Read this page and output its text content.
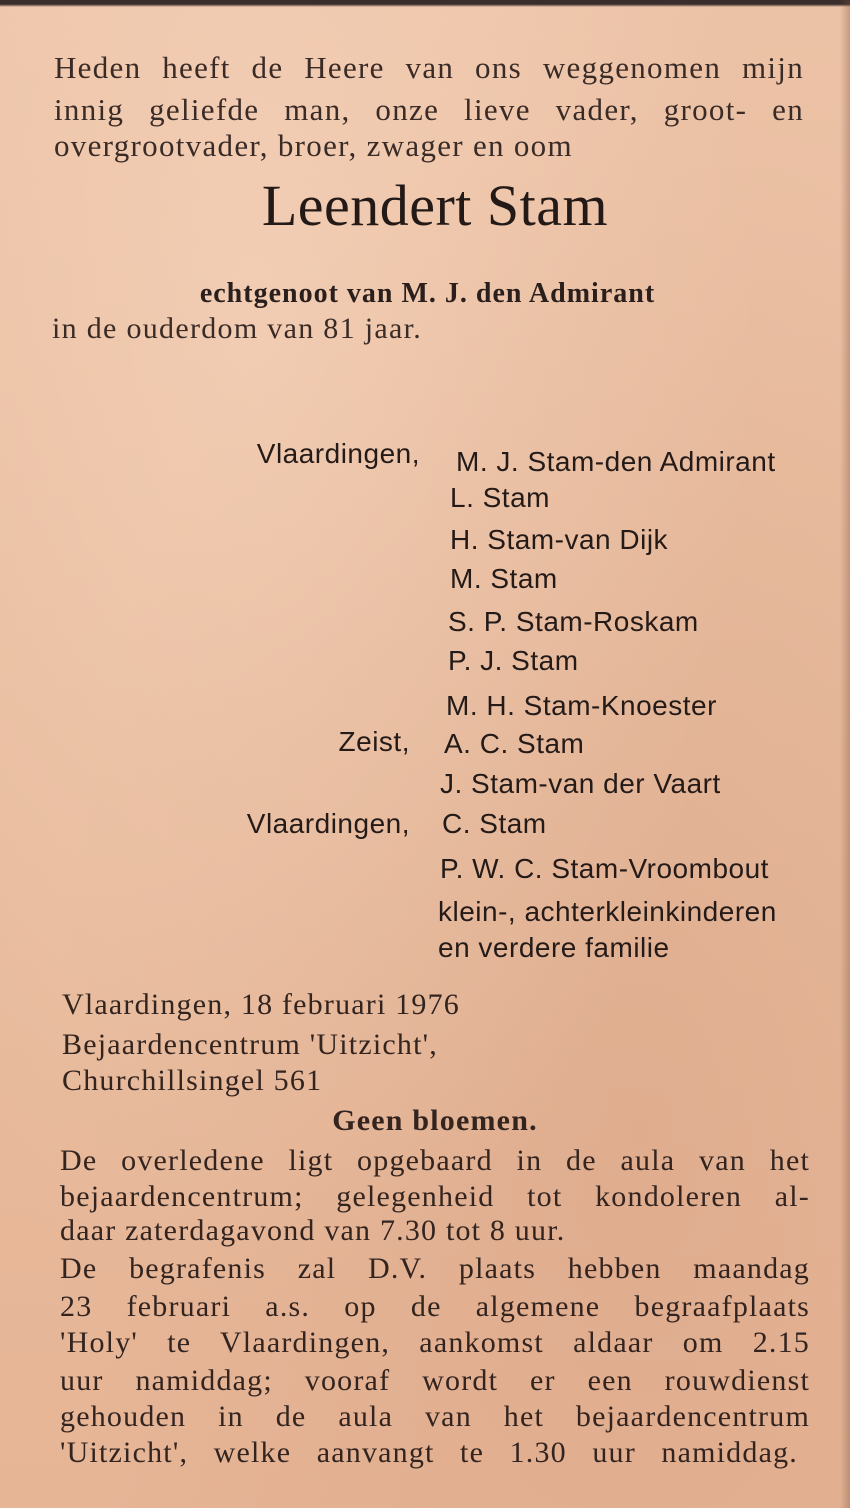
Heden heeft de Heere van ons weggenomen mijn
innig geliefde man, onze lieve vader, groot- en
overgrootvader, broer, zwager en oom
Leendert Stam
echtgenoot van M. J. den Admirant
in de ouderdom van 81 jaar.
Vlaardingen,
Zeist,
Vlaardingen,
M. J. Stam-den Admirant
L. Stam
H. Stam-van Dijk
M. Stam
S. P. Stam-Roskam
P. J. Stam
M. H. Stam-Knoester
A. C. Stam
J. Stam-van der Vaart
C. Stam
P. W. C. Stam-Vroombout
klein-, achterkleinkinderen
en verdere familie
Vlaardingen, 18 februari 1976
Bejaardencentrum 'Uitzicht',
Churchillsingel 561
Geen bloemen.
De overledene ligt opgebaard in de aula van het
bejaardencentrum; gelegenheid tot kondoleren al-
daar zaterdagavond van 7.30 tot 8 uur.
De begrafenis zal D.V. plaats hebben maandag
23 februari a.s. op de algemene begraafplaats
'Holy' te Vlaardingen, aankomst aldaar om 2.15
uur namiddag; vooraf wordt er een rouwdienst
gehouden in de aula van het bejaardencentrum
'Uitzicht', welke aanvangt te 1.30 uur namiddag.
